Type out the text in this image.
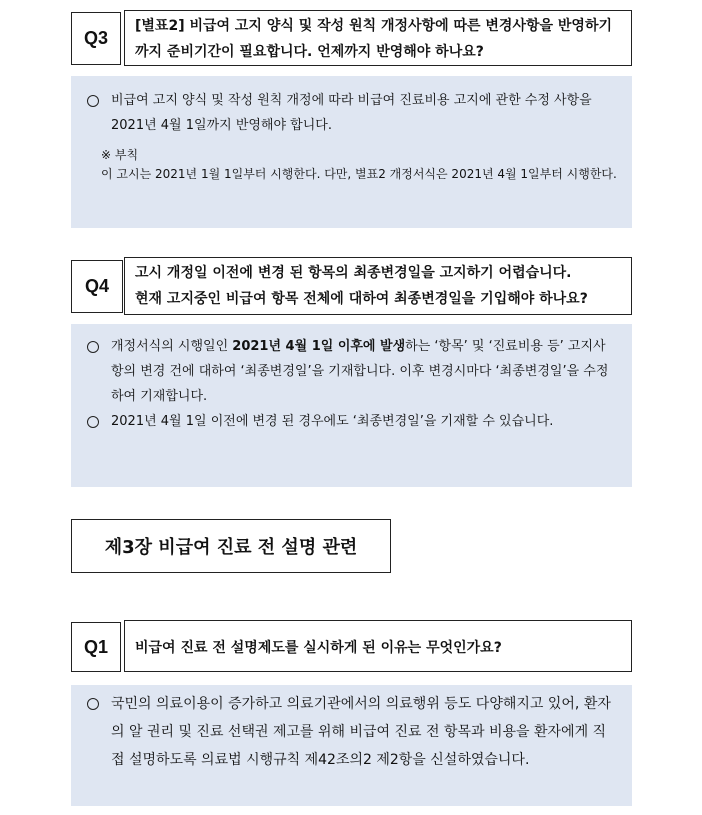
Q3
[별표2] 비급여 고지 양식 및 작성 원칙 개정사항에 따른 변경사항을 반영하기까지 준비기간이 필요합니다. 언제까지 반영해야 하나요?
비급여 고지 양식 및 작성 원칙 개정에 따라 비급여 진료비용 고지에 관한 수정 사항을 2021년 4월 1일까지 반영해야 합니다.
※ 부칙
이 고시는 2021년 1월 1일부터 시행한다. 다만, 별표2 개정서식은 2021년 4월 1일부터 시행한다.
Q4
고시 개정일 이전에 변경 된 항목의 최종변경일을 고지하기 어렵습니다.
현재 고지중인 비급여 항목 전체에 대하여 최종변경일을 기입해야 하나요?
개정서식의 시행일인 2021년 4월 1일 이후에 발생하는 ‘항목’ 및 ‘진료비용 등’ 고지사항의 변경 건에 대하여 ‘최종변경일’을 기재합니다. 이후 변경시마다 ‘최종변경일’을 수정하여 기재합니다.
2021년 4월 1일 이전에 변경 된 경우에도 ‘최종변경일’을 기재할 수 있습니다.
제3장 비급여 진료 전 설명 관련
Q1 비급여 진료 전 설명제도를 실시하게 된 이유는 무엇인가요?
국민의 의료이용이 증가하고 의료기관에서의 의료행위 등도 다양해지고 있어, 환자의 알 권리 및 진료 선택권 제고를 위해 비급여 진료 전 항목과 비용을 환자에게 직접 설명하도록 의료법 시행규칙 제42조의2 제2항을 신설하였습니다.
